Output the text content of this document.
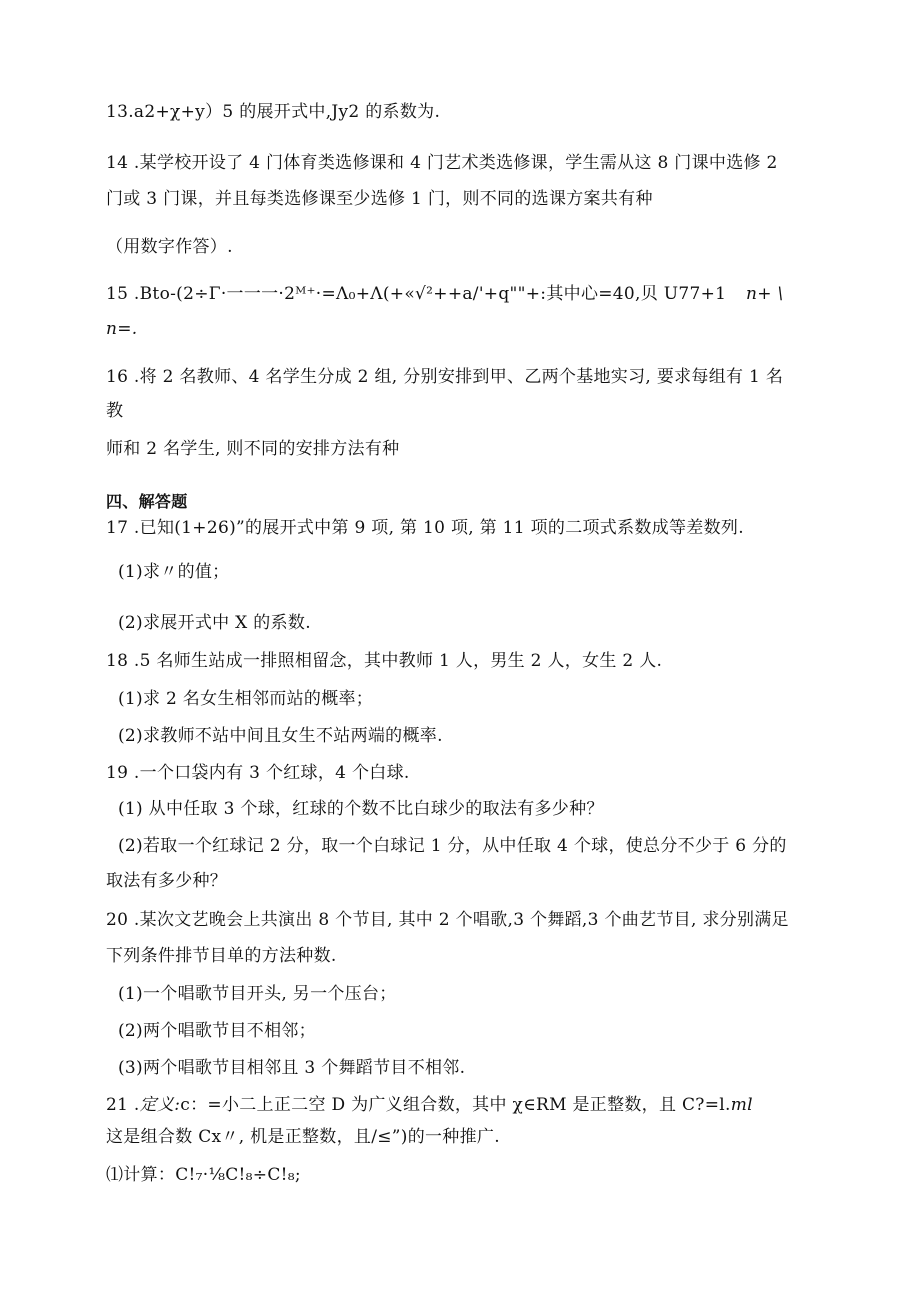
13.a2+χ+y）5 的展开式中,Jy2 的系数为.
14 .某学校开设了 4 门体育类选修课和 4 门艺术类选修课，学生需从这 8 门课中选修 2
门或 3 门课，并且每类选修课至少选修 1 门，则不同的选课方案共有种
（用数字作答）.
15 .Bto-(2÷Γ·一一一·2ᴹ⁺·=Λ₀+Λ(+«√²++a/'+q""+:其中心=40,贝 U77+1 n+ \
n=.
16 .将 2 名教师、4 名学生分成 2 组, 分别安排到甲、乙两个基地实习, 要求每组有 1 名
教
师和 2 名学生, 则不同的安排方法有种
四、解答题
17 .已知(1+26)”的展开式中第 9 项, 第 10 项, 第 11 项的二项式系数成等差数列.
(1)求〃的值；
(2)求展开式中 X 的系数.
18 .5 名师生站成一排照相留念，其中教师 1 人，男生 2 人，女生 2 人.
(1)求 2 名女生相邻而站的概率；
(2)求教师不站中间且女生不站两端的概率.
19 .一个口袋内有 3 个红球，4 个白球.
(1) 从中任取 3 个球，红球的个数不比白球少的取法有多少种？
(2)若取一个红球记 2 分，取一个白球记 1 分，从中任取 4 个球，使总分不少于 6 分的
取法有多少种？
20 .某次文艺晚会上共演出 8 个节目, 其中 2 个唱歌,3 个舞蹈,3 个曲艺节目, 求分别满足
下列条件排节目单的方法种数.
(1)一个唱歌节目开头, 另一个压台；
(2)两个唱歌节目不相邻；
(3)两个唱歌节目相邻且 3 个舞蹈节目不相邻.
21 .定义:c：=小二上正二空 D 为广义组合数，其中 χ∈RM 是正整数，且 C?=l.ml
这是组合数 Cx〃, 机是正整数，且/≤”)的一种推广.
⑴计算：C!₇·⅛C!₈÷C!₈;
